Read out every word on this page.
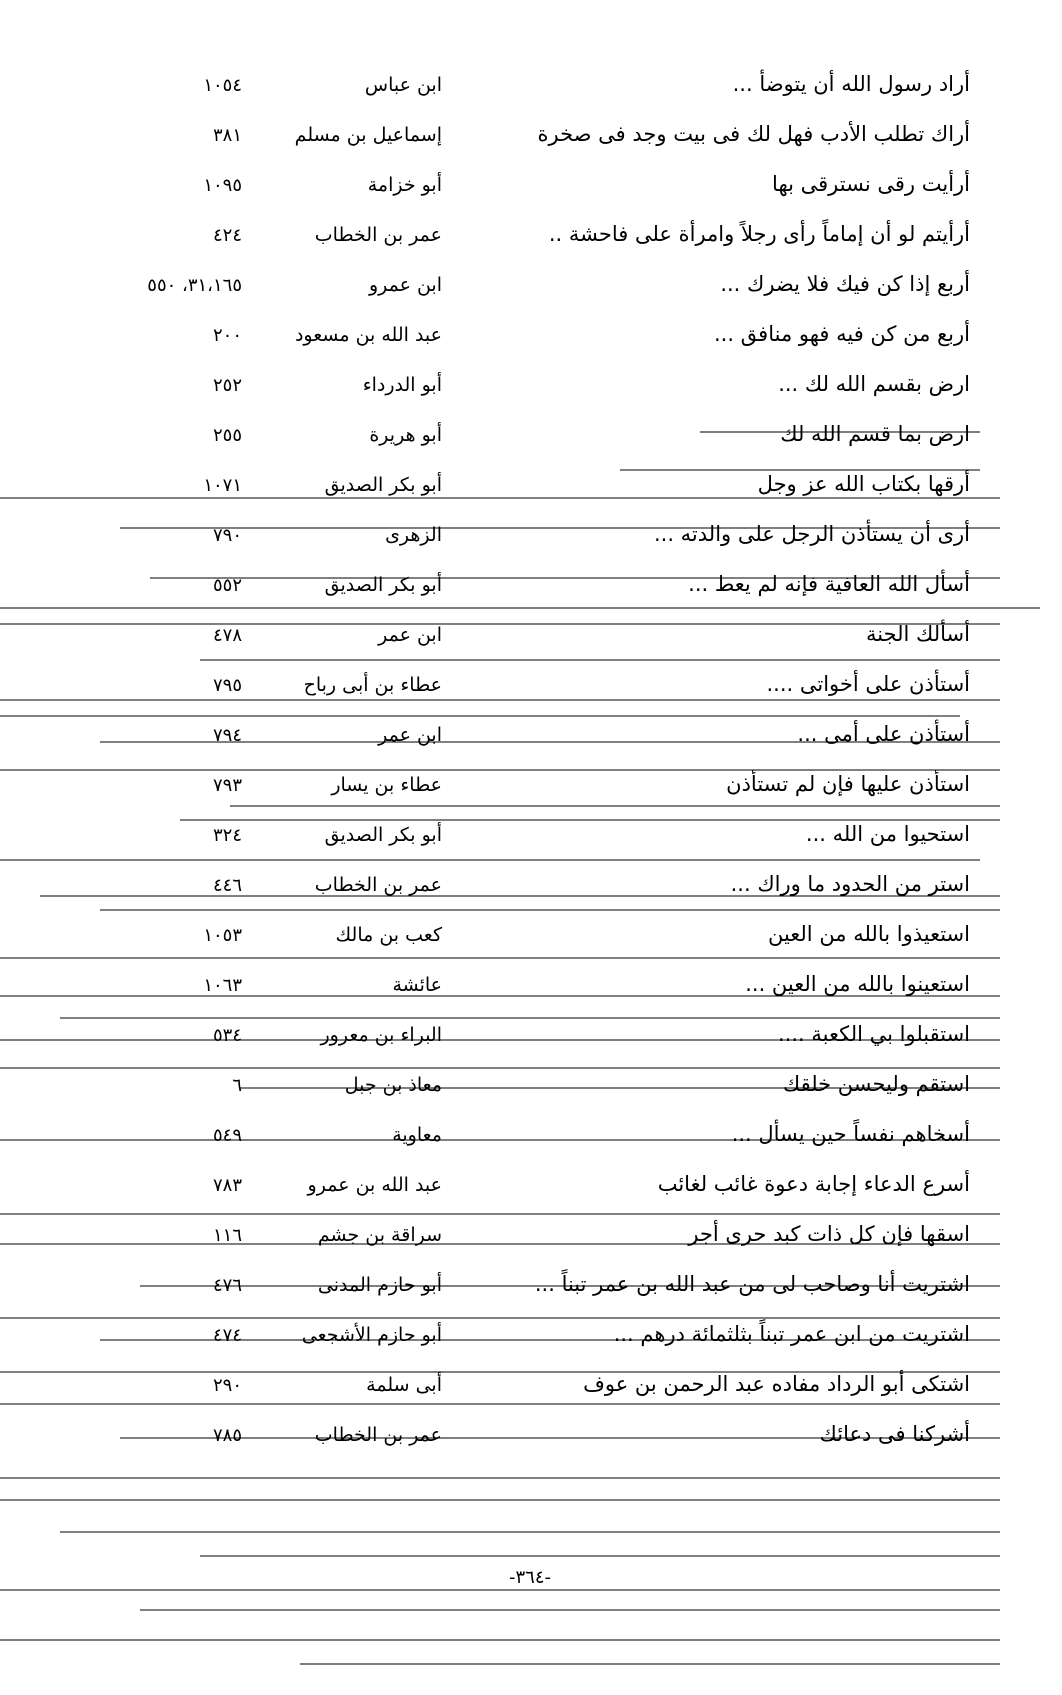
أراد رسول الله أن يتوضأ ...
ابن عباس
١٠٥٤
أراك تطلب الأدب فهل لك فى بيت وجد فى صخرة
إسماعيل بن مسلم
٣٨١
أرأيت رقى نسترقى بها
أبو خزامة
١٠٩٥
أرأيتم لو أن إماماً رأى رجلاً وامرأة على فاحشة ..
عمر بن الخطاب
٤٢٤
أربع إذا كن فيك فلا يضرك ...
ابن عمرو
٣١،١٦٥، ٥٥٠
أربع من كن فيه فهو منافق ...
عبد الله بن مسعود
٢٠٠
ارض بقسم الله لك ...
أبو الدرداء
٢٥٢
ارض بما قسم الله لك
أبو هريرة
٢٥٥
أرقها بكتاب الله عز وجل
أبو بكر الصديق
١٠٧١
أرى أن يستأذن الرجل على والدته ...
الزهرى
٧٩٠
أسأل الله العافية فإنه لم يعط ...
أبو بكر الصديق
٥٥٢
أسألك الجنة
ابن عمر
٤٧٨
أستأذن على أخواتى ....
عطاء بن أبى رباح
٧٩٥
أستأذن على أمى ...
ابن عمر
٧٩٤
استأذن عليها فإن لم تستأذن
عطاء بن يسار
٧٩٣
استحيوا من الله ...
أبو بكر الصديق
٣٢٤
استر من الحدود ما وراك ...
عمر بن الخطاب
٤٤٦
استعيذوا بالله من العين
كعب بن مالك
١٠٥٣
استعينوا بالله من العين ...
عائشة
١٠٦٣
استقبلوا بي الكعبة ....
البراء بن معرور
٥٣٤
استقم وليحسن خلقك
معاذ بن جبل
٦
أسخاهم نفساً حين يسأل ...
معاوية
٥٤٩
أسرع الدعاء إجابة دعوة غائب لغائب
عبد الله بن عمرو
٧٨٣
اسقها فإن كل ذات كبد حرى أجر
سراقة بن جشم
١١٦
اشتريت أنا وصاحب لى من عبد الله بن عمر تبناً ...
أبو حازم المدنى
٤٧٦
اشتريت من ابن عمر تبناً بثلثمائة درهم ...
أبو حازم الأشجعى
٤٧٤
اشتكى أبو الرداد مفاده عبد الرحمن بن عوف
أبى سلمة
٢٩٠
أشركنا فى دعائك
عمر بن الخطاب
٧٨٥
-٣٦٤-
